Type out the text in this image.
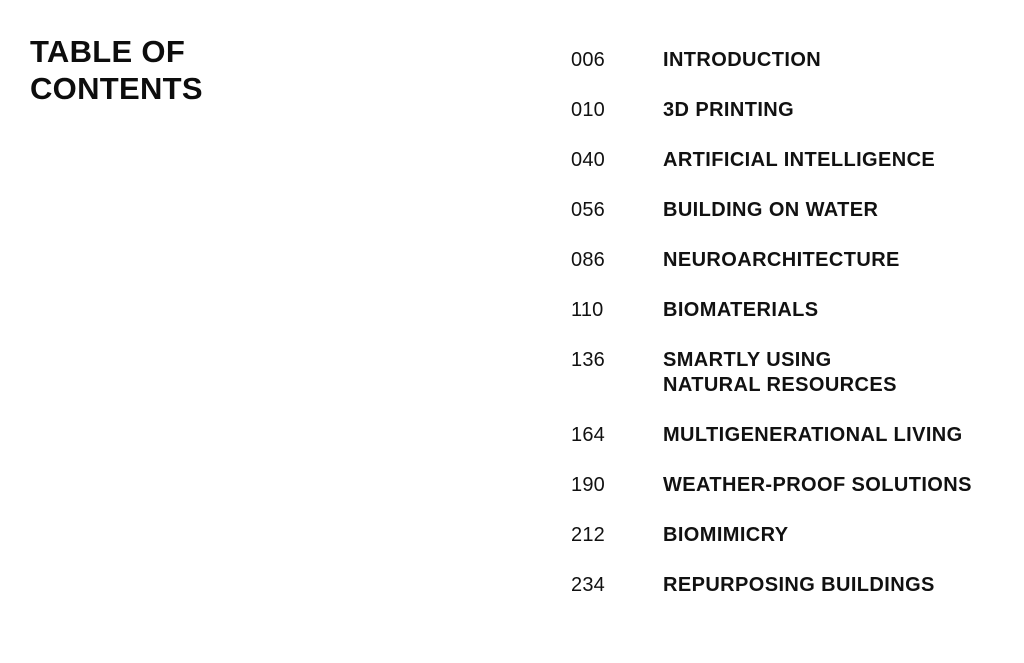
TABLE OF
CONTENTS
006	INTRODUCTION
010	3D PRINTING
040	ARTIFICIAL INTELLIGENCE
056	BUILDING ON WATER
086	NEUROARCHITECTURE
110	BIOMATERIALS
136	SMARTLY USING
NATURAL RESOURCES
164	MULTIGENERATIONAL LIVING
190	WEATHER-PROOF SOLUTIONS
212	BIOMIMICRY
234	REPURPOSING BUILDINGS
